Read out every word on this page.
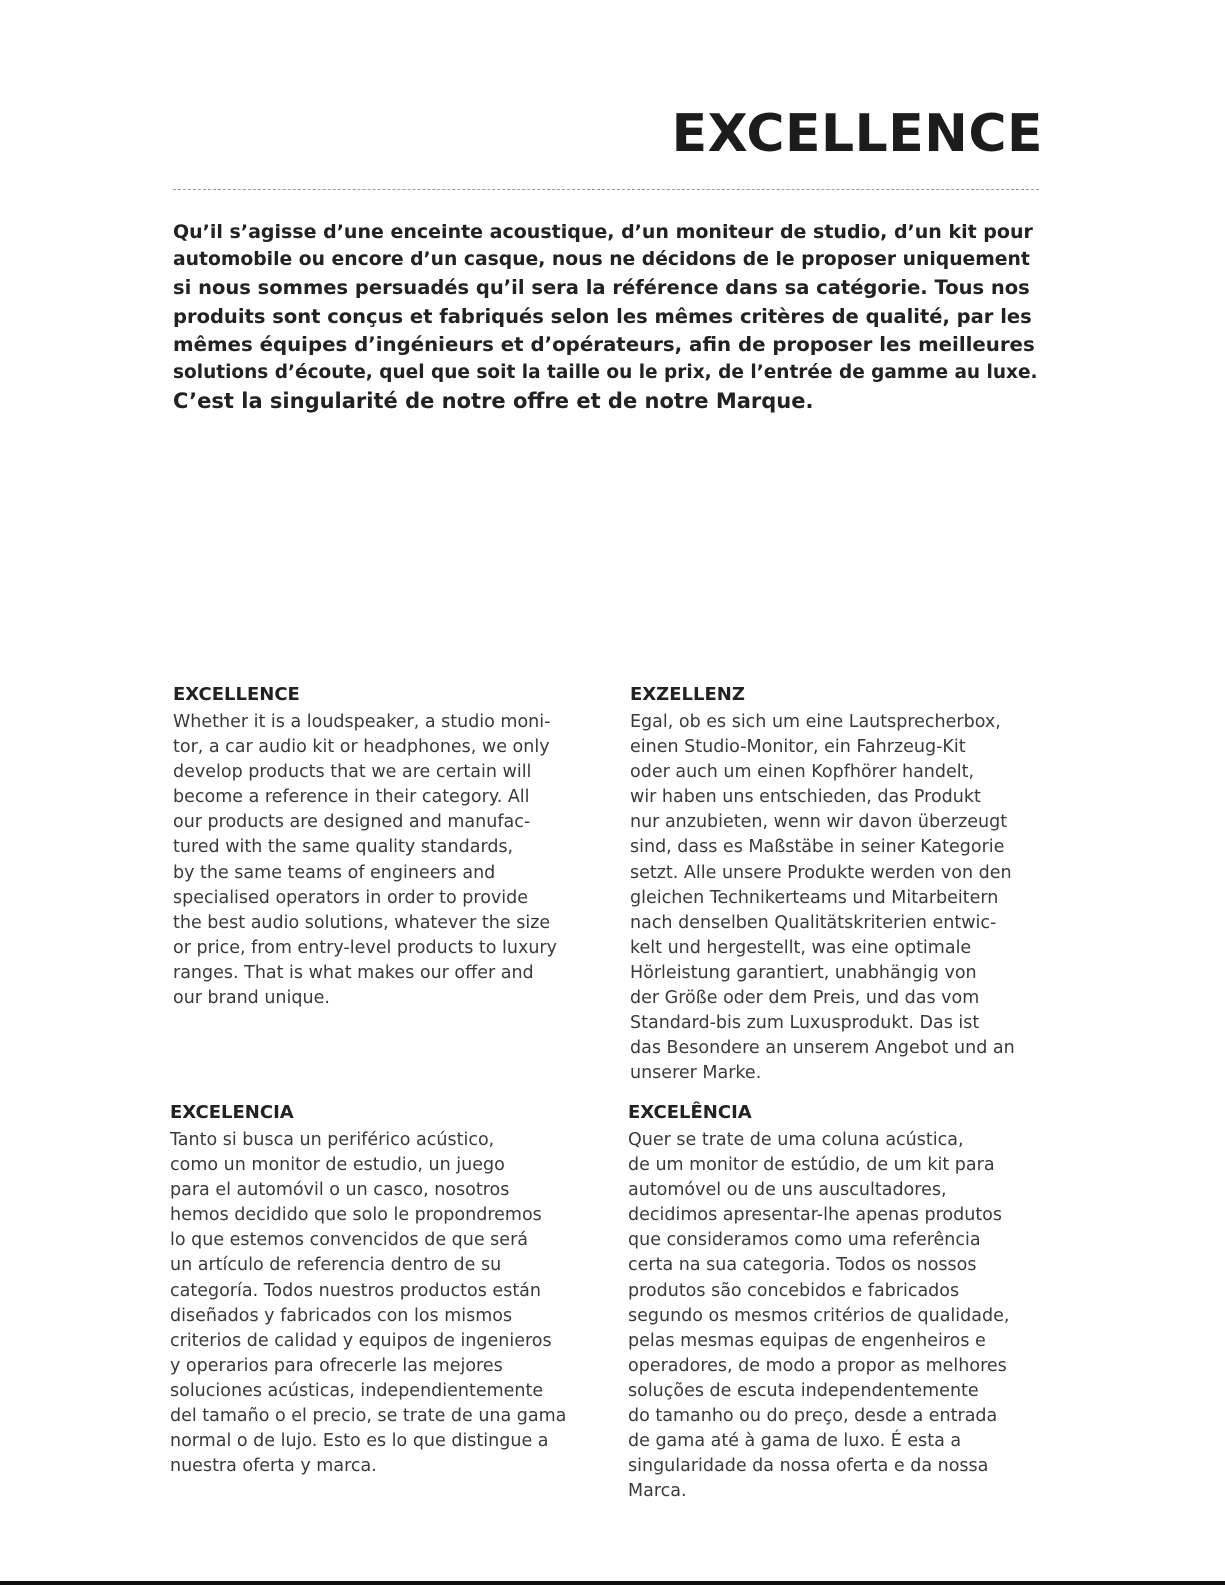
EXCELLENCE
Qu’il s’agisse d’une enceinte acoustique, d’un moniteur de studio, d’un kit pour
automobile ou encore d’un casque, nous ne décidons de le proposer uniquement
si nous sommes persuadés qu’il sera la référence dans sa catégorie. Tous nos
produits sont conçus et fabriqués selon les mêmes critères de qualité, par les
mêmes équipes d’ingénieurs et d’opérateurs, afin de proposer les meilleures
solutions d’écoute, quel que soit la taille ou le prix, de l’entrée de gamme au luxe.
C’est la singularité de notre offre et de notre Marque.
EXCELLENCE

Whether it is a loudspeaker, a studio moni-
tor, a car audio kit or headphones, we only
develop products that we are certain will
become a reference in their category. All
our products are designed and manufac-
tured with the same quality standards,
by the same teams of engineers and
specialised operators in order to provide
the best audio solutions, whatever the size
or price, from entry-level products to luxury
ranges. That is what makes our offer and
our brand unique.

EXZELLENZ

Egal, ob es sich um eine Lautsprecherbox,
einen Studio-Monitor, ein Fahrzeug-Kit
oder auch um einen Kopfhörer handelt,
wir haben uns entschieden, das Produkt
nur anzubieten, wenn wir davon überzeugt
sind, dass es Maßstäbe in seiner Kategorie
setzt. Alle unsere Produkte werden von den
gleichen Technikerteams und Mitarbeitern
nach denselben Qualitätskriterien entwic-
kelt und hergestellt, was eine optimale
Hörleistung garantiert, unabhängig von
der Größe oder dem Preis, und das vom
Standard-bis zum Luxusprodukt. Das ist
das Besondere an unserem Angebot und an
unserer Marke.

EXCELENCIA

Tanto si busca un periférico acústico,
como un monitor de estudio, un juego
para el automóvil o un casco, nosotros
hemos decidido que solo le propondremos
lo que estemos convencidos de que será
un artículo de referencia dentro de su
categoría. Todos nuestros productos están
diseñados y fabricados con los mismos
criterios de calidad y equipos de ingenieros
y operarios para ofrecerle las mejores
soluciones acústicas, independientemente
del tamaño o el precio, se trate de una gama
normal o de lujo. Esto es lo que distingue a
nuestra oferta y marca.

EXCELÊNCIA

Quer se trate de uma coluna acústica,
de um monitor de estúdio, de um kit para
automóvel ou de uns auscultadores,
decidimos apresentar-lhe apenas produtos
que consideramos como uma referência
certa na sua categoria. Todos os nossos
produtos são concebidos e fabricados
segundo os mesmos critérios de qualidade,
pelas mesmas equipas de engenheiros e
operadores, de modo a propor as melhores
soluções de escuta independentemente
do tamanho ou do preço, desde a entrada
de gama até à gama de luxo. É esta a
singularidade da nossa oferta e da nossa
Marca.
